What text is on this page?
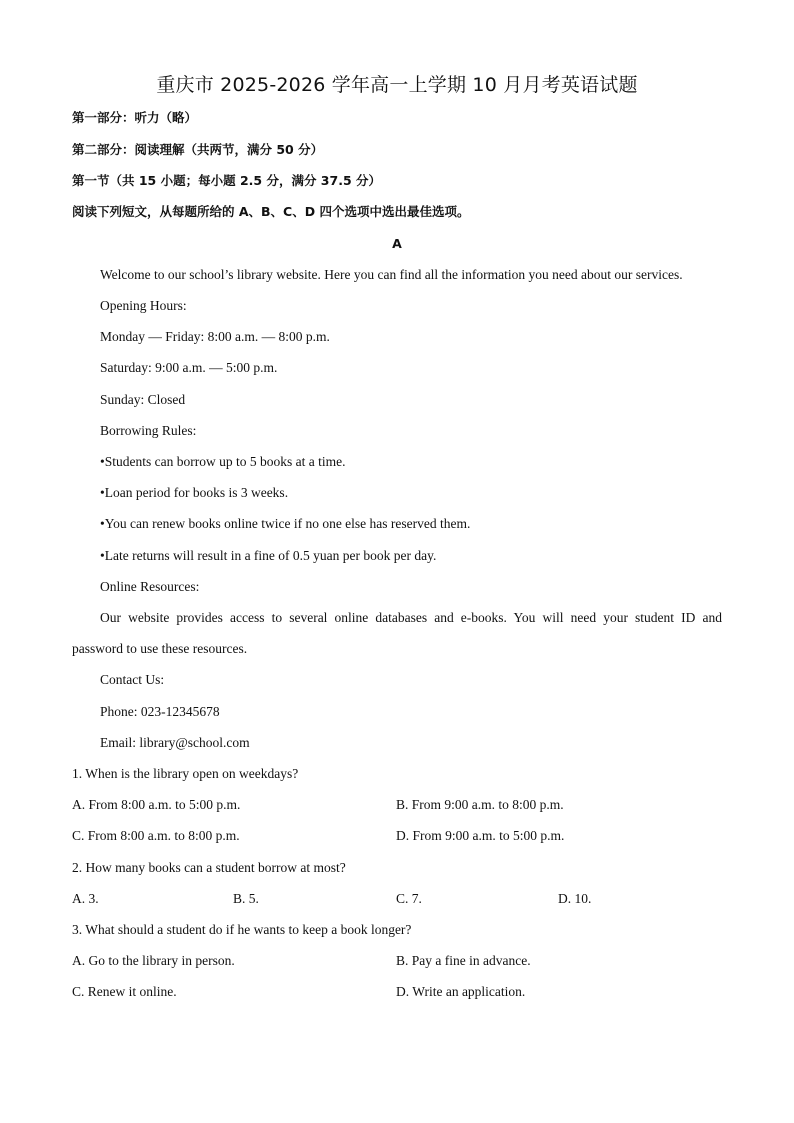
重庆市 2025-2026 学年高一上学期 10 月月考英语试题
第一部分：听力（略）
第二部分：阅读理解（共两节，满分 50 分）
第一节（共 15 小题；每小题 2.5 分，满分 37.5 分）
阅读下列短文，从每题所给的 A、B、C、D 四个选项中选出最佳选项。
A
Welcome to our school’s library website. Here you can find all the information you need about our services.
Opening Hours:
Monday — Friday: 8:00 a.m. — 8:00 p.m.
Saturday: 9:00 a.m. — 5:00 p.m.
Sunday: Closed
Borrowing Rules:
•Students can borrow up to 5 books at a time.
•Loan period for books is 3 weeks.
•You can renew books online twice if no one else has reserved them.
•Late returns will result in a fine of 0.5 yuan per book per day.
Online Resources:
Our website provides access to several online databases and e-books. You will need your student ID and
password to use these resources.
Contact Us:
Phone: 023-12345678
Email: library@school.com
1. When is the library open on weekdays?
A. From 8:00 a.m. to 5:00 p.m.	B. From 9:00 a.m. to 8:00 p.m.
C. From 8:00 a.m. to 8:00 p.m.	D. From 9:00 a.m. to 5:00 p.m.
2. How many books can a student borrow at most?
A. 3.	B. 5.	C. 7.	D. 10.
3. What should a student do if he wants to keep a book longer?
A. Go to the library in person.	B. Pay a fine in advance.
C. Renew it online.	D. Write an application.
